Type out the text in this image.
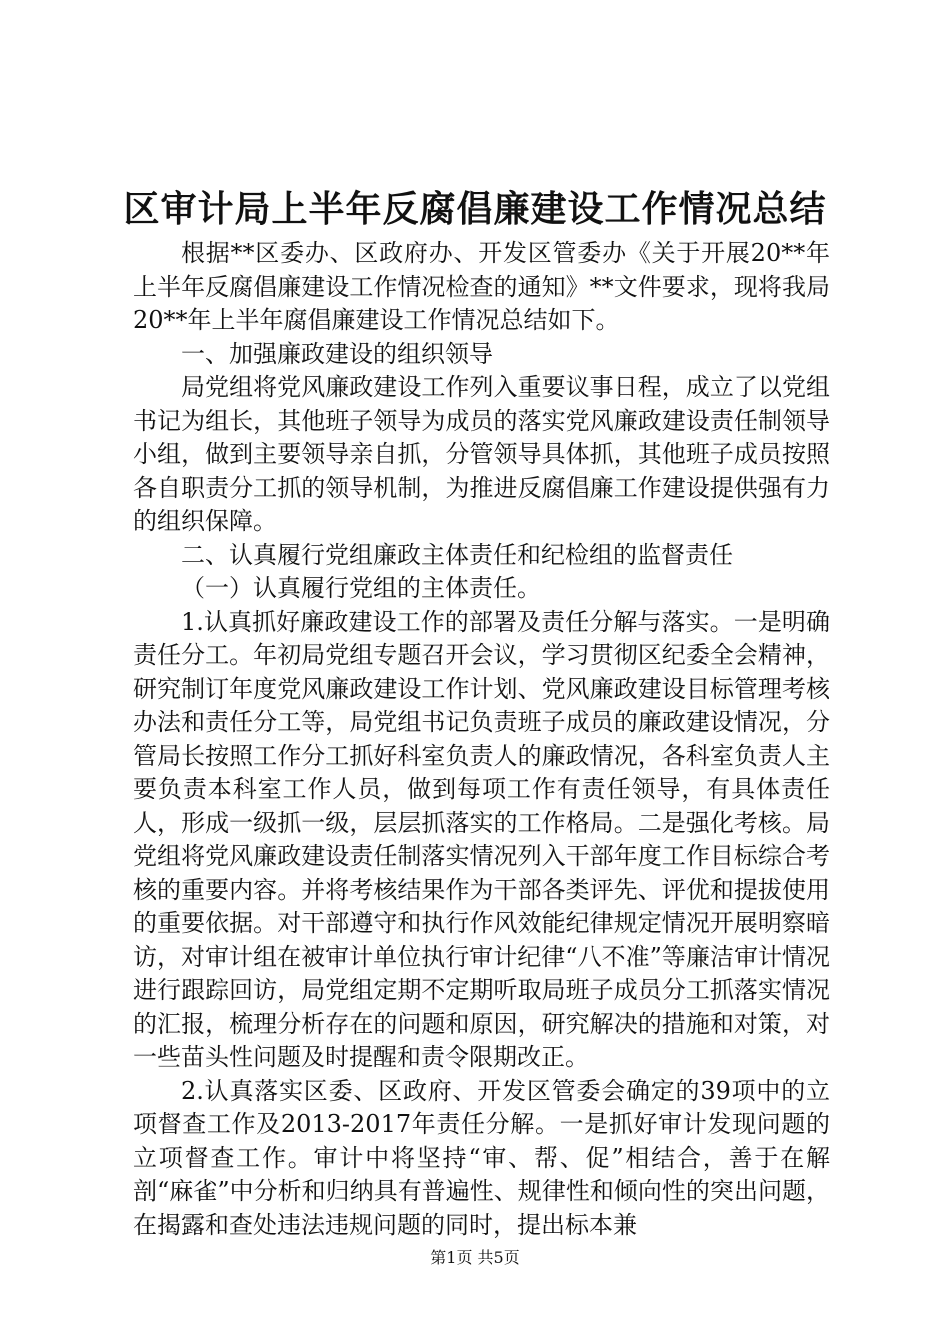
区审计局上半年反腐倡廉建设工作情况总结

根据**区委办、区政府办、开发区管委办《关于开展20**年上半年反腐倡廉建设工作情况检查的通知》**文件要求，现将我局20**年上半年腐倡廉建设工作情况总结如下。

一、加强廉政建设的组织领导

局党组将党风廉政建设工作列入重要议事日程，成立了以党组书记为组长，其他班子领导为成员的落实党风廉政建设责任制领导小组，做到主要领导亲自抓，分管领导具体抓，其他班子成员按照各自职责分工抓的领导机制，为推进反腐倡廉工作建设提供强有力的组织保障。

二、认真履行党组廉政主体责任和纪检组的监督责任

（一）认真履行党组的主体责任。

1.认真抓好廉政建设工作的部署及责任分解与落实。一是明确责任分工。年初局党组专题召开会议，学习贯彻区纪委全会精神，研究制订年度党风廉政建设工作计划、党风廉政建设目标管理考核办法和责任分工等，局党组书记负责班子成员的廉政建设情况，分管局长按照工作分工抓好科室负责人的廉政情况，各科室负责人主要负责本科室工作人员，做到每项工作有责任领导，有具体责任人，形成一级抓一级，层层抓落实的工作格局。二是强化考核。局党组将党风廉政建设责任制落实情况列入干部年度工作目标综合考核的重要内容。并将考核结果作为干部各类评先、评优和提拔使用的重要依据。对干部遵守和执行作风效能纪律规定情况开展明察暗访，对审计组在被审计单位执行审计纪律“八不准”等廉洁审计情况进行跟踪回访，局党组定期不定期听取局班子成员分工抓落实情况的汇报，梳理分析存在的问题和原因，研究解决的措施和对策，对一些苗头性问题及时提醒和责令限期改正。

2.认真落实区委、区政府、开发区管委会确定的39项中的立项督查工作及2013-2017年责任分解。一是抓好审计发现问题的立项督查工作。审计中将坚持“审、帮、促”相结合，善于在解剖“麻雀”中分析和归纳具有普遍性、规律性和倾向性的突出问题，在揭露和查处违法违规问题的同时，提出标本兼

第1页 共5页
